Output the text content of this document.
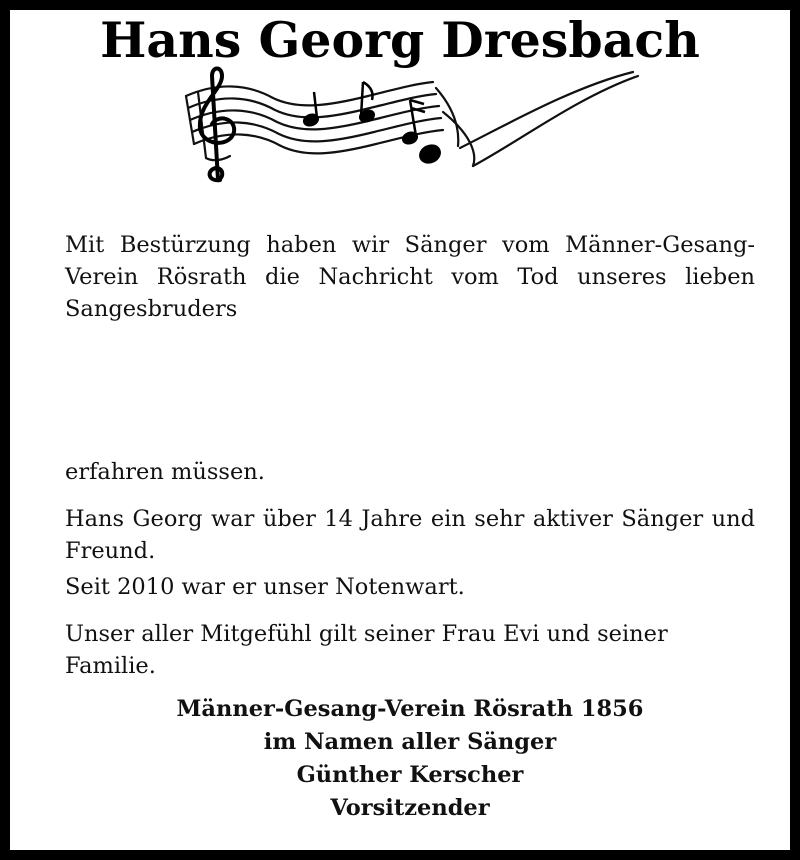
Mit Bestürzung haben wir Sänger vom Männer-Gesang-Verein Rösrath die Nachricht vom Tod unseres lieben Sangesbruders

Hans Georg Dresbach

erfahren müssen.

Hans Georg war über 14 Jahre ein sehr aktiver Sänger und Freund.

Seit 2010 war er unser Notenwart.

Unser aller Mitgefühl gilt seiner Frau Evi und seiner Familie.

Männer-Gesang-Verein Rösrath 1856
im Namen aller Sänger
Günther Kerscher
Vorsitzender
